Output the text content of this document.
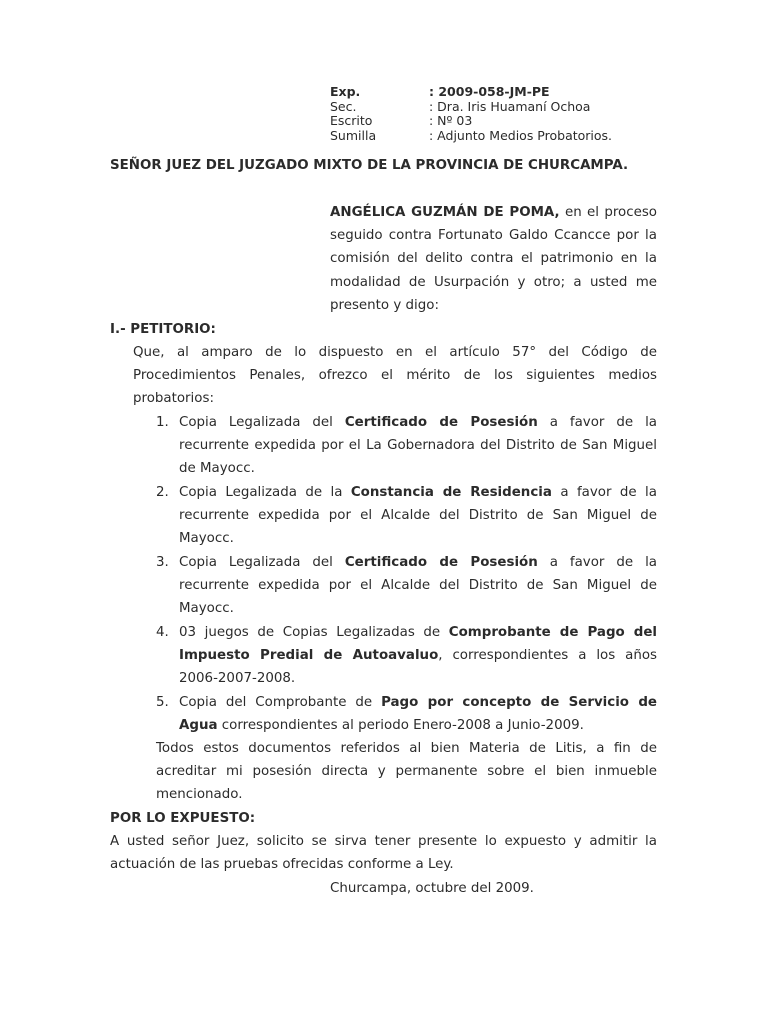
Exp.	: 2009-058-JM-PE
Sec.	: Dra. Iris Huamaní Ochoa
Escrito	: Nº 03
Sumilla	: Adjunto Medios Probatorios.

SEÑOR JUEZ DEL JUZGADO MIXTO DE LA PROVINCIA DE CHURCAMPA.

ANGÉLICA GUZMÁN DE POMA, en el proceso seguido contra Fortunato Galdo Ccancce por la comisión del delito contra el patrimonio en la modalidad de Usurpación y otro; a usted me presento y digo:

I.- PETITORIO:

Que, al amparo de lo dispuesto en el artículo 57° del Código de Procedimientos Penales, ofrezco el mérito de los siguientes medios probatorios:

1. Copia Legalizada del Certificado de Posesión a favor de la recurrente expedida por el La Gobernadora del Distrito de San Miguel de Mayocc.
2. Copia Legalizada de la Constancia de Residencia a favor de la recurrente expedida por el Alcalde del Distrito de San Miguel de Mayocc.
3. Copia Legalizada del Certificado de Posesión a favor de la recurrente expedida por el Alcalde del Distrito de San Miguel de Mayocc.
4. 03 juegos de Copias Legalizadas de Comprobante de Pago del Impuesto Predial de Autoavaluo, correspondientes a los años 2006-2007-2008.
5. Copia del Comprobante de Pago por concepto de Servicio de Agua correspondientes al periodo Enero-2008 a Junio-2009.

Todos estos documentos referidos al bien Materia de Litis, a fin de acreditar mi posesión directa y permanente sobre el bien inmueble mencionado.

POR LO EXPUESTO:

A usted señor Juez, solicito se sirva tener presente lo expuesto y admitir la actuación de las pruebas ofrecidas conforme a Ley.

Churcampa, octubre del 2009.
